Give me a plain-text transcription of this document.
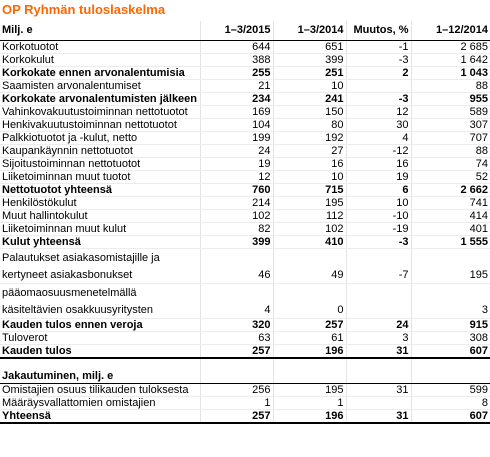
OP Ryhmän tuloslaskelma
Milj. e	1–3/2015	1–3/2014	Muutos, %	1–12/2014
Korkotuotot	644	651	-1	2 685
Korkokulut	388	399	-3	1 642
Korkokate ennen arvonalentumisia	255	251	2	1 043
Saamisten arvonalentumiset	21	10		88
Korkokate arvonalentumisten jälkeen	234	241	-3	955
Vahinkovakuutustoiminnan nettotuotot	169	150	12	589
Henkivakuutustoiminnan nettotuotot	104	80	30	307
Palkkiotuotot ja -kulut, netto	199	192	4	707
Kaupankäynnin nettotuotot	24	27	-12	88
Sijoitustoiminnan nettotuotot	19	16	16	74
Liiketoiminnan muut tuotot	12	10	19	52
Nettotuotot yhteensä	760	715	6	2 662
Henkilöstökulut	214	195	10	741
Muut hallintokulut	102	112	-10	414
Liiketoiminnan muut kulut	82	102	-19	401
Kulut yhteensä	399	410	-3	1 555
Palautukset asiakasomistajille ja				
kertyneet asiakasbonukset	46	49	-7	195
pääomaosuusmenetelmällä				
käsiteltävien osakkuusyritysten	4	0		3
Kauden tulos ennen veroja	320	257	24	915
Tuloverot	63	61	3	308
Kauden tulos	257	196	31	607

Jakautuminen, milj. e				
Omistajien osuus tilikauden tuloksesta	256	195	31	599
Määräysvallattomien omistajien	1	1		8
Yhteensä	257	196	31	607
